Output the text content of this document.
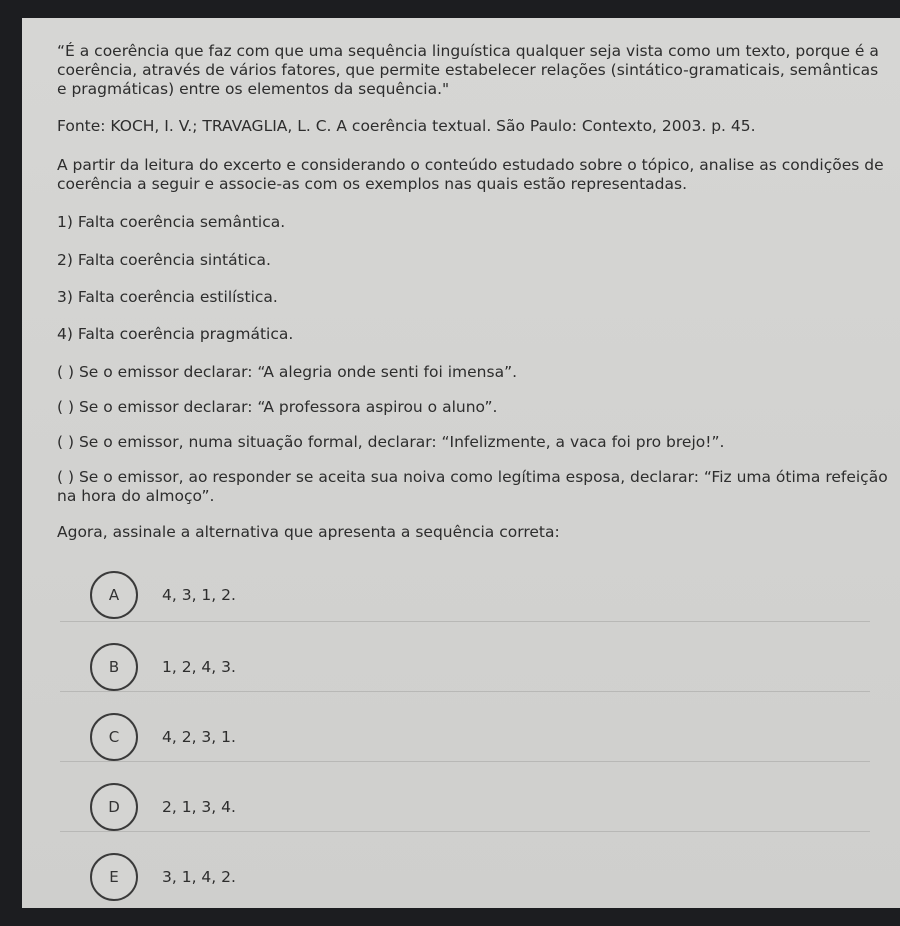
“É a coerência que faz com que uma sequência linguística qualquer seja vista como um texto, porque é a coerência, através de vários fatores, que permite estabelecer relações (sintático-gramaticais, semânticas e pragmáticas) entre os elementos da sequência."

Fonte: KOCH, I. V.; TRAVAGLIA, L. C. A coerência textual. São Paulo: Contexto, 2003. p. 45.

A partir da leitura do excerto e considerando o conteúdo estudado sobre o tópico, analise as condições de coerência a seguir e associe-as com os exemplos nas quais estão representadas.

1) Falta coerência semântica.

2) Falta coerência sintática.

3) Falta coerência estilística.

4) Falta coerência pragmática.

( ) Se o emissor declarar: “A alegria onde senti foi imensa”.

( ) Se o emissor declarar: “A professora aspirou o aluno”.

( ) Se o emissor, numa situação formal, declarar: “Infelizmente, a vaca foi pro brejo!”.

( ) Se o emissor, ao responder se aceita sua noiva como legítima esposa, declarar: “Fiz uma ótima refeição na hora do almoço”.

Agora, assinale a alternativa que apresenta a sequência correta:

A	4, 3, 1, 2.
B	1, 2, 4, 3.
C	4, 2, 3, 1.
D	2, 1, 3, 4.
E	3, 1, 4, 2.
